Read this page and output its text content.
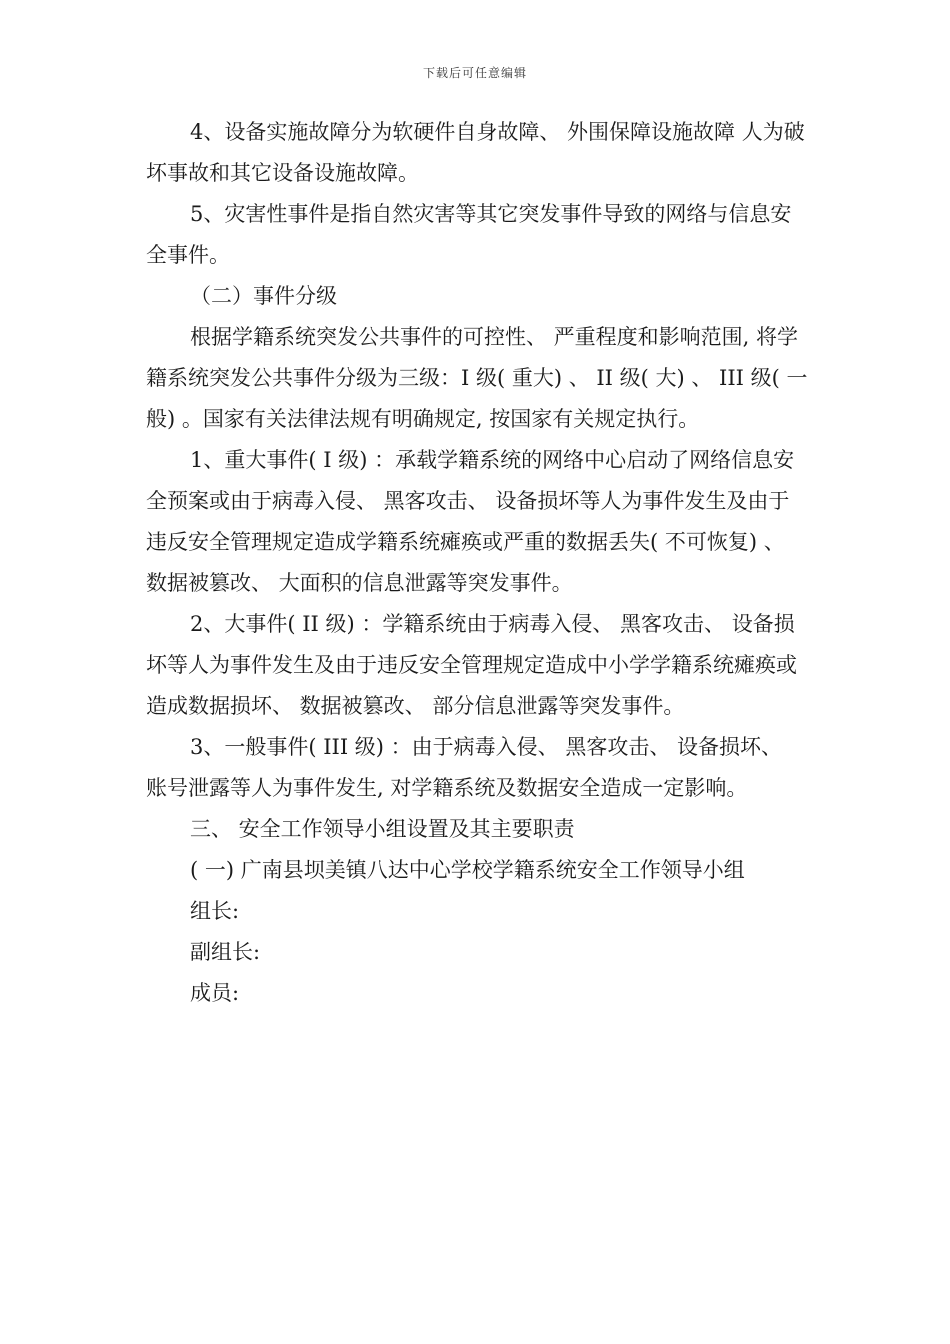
下载后可任意编辑

4、设备实施故障分为软硬件自身故障、 外围保障设施故障 人为破坏事故和其它设备设施故障。

5、灾害性事件是指自然灾害等其它突发事件导致的网络与信息安全事件。

（二）事件分级

根据学籍系统突发公共事件的可控性、 严重程度和影响范围, 将学籍系统突发公共事件分级为三级：I 级( 重大) 、 II 级( 大) 、 III 级( 一般) 。国家有关法律法规有明确规定, 按国家有关规定执行。

1、重大事件( I 级) ：承载学籍系统的网络中心启动了网络信息安全预案或由于病毒入侵、 黑客攻击、 设备损坏等人为事件发生及由于违反安全管理规定造成学籍系统瘫痪或严重的数据丢失( 不可恢复) 、 数据被篡改、 大面积的信息泄露等突发事件。

2、大事件( II 级) ：学籍系统由于病毒入侵、 黑客攻击、 设备损坏等人为事件发生及由于违反安全管理规定造成中小学学籍系统瘫痪或造成数据损坏、 数据被篡改、 部分信息泄露等突发事件。

3、一般事件( III 级) ：由于病毒入侵、 黑客攻击、 设备损坏、 账号泄露等人为事件发生, 对学籍系统及数据安全造成一定影响。

三、 安全工作领导小组设置及其主要职责

( 一) 广南县坝美镇八达中心学校学籍系统安全工作领导小组

组长:

副组长:

成员:
